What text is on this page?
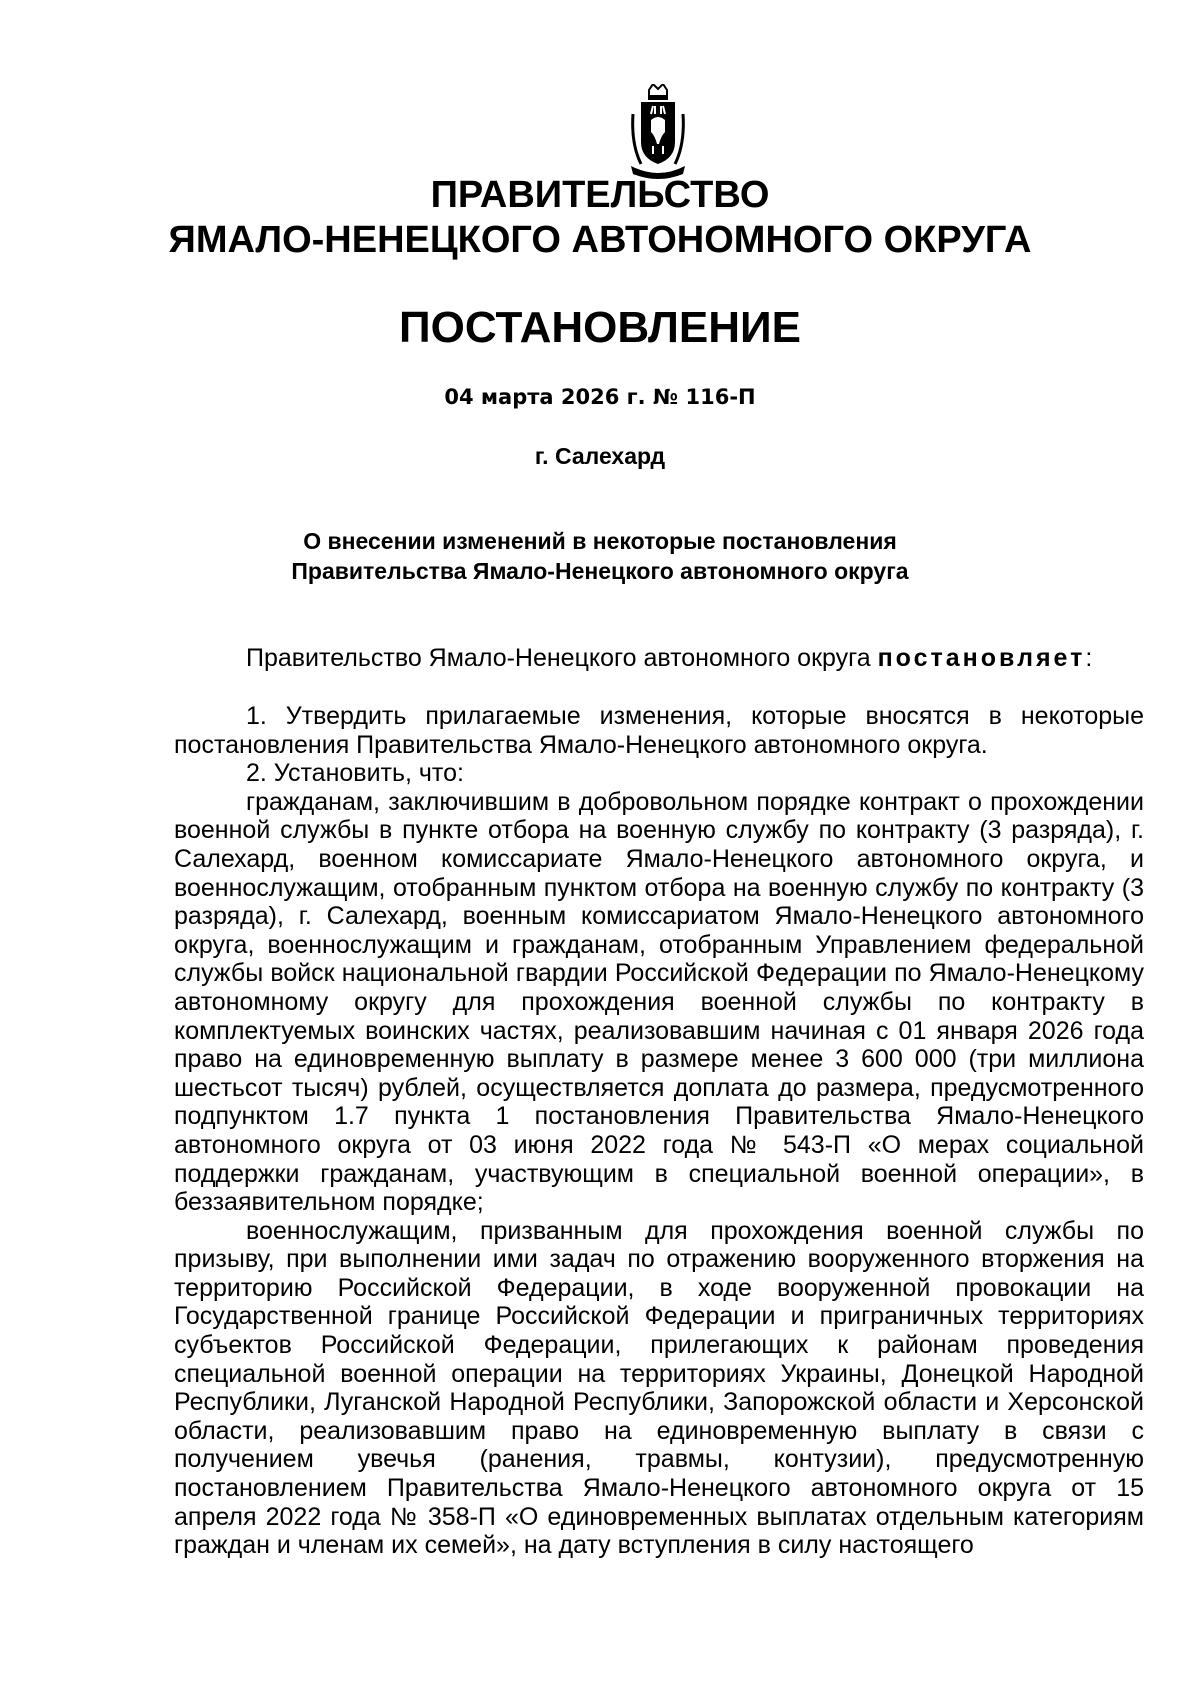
ПРАВИТЕЛЬСТВО
ЯМАЛО-НЕНЕЦКОГО АВТОНОМНОГО ОКРУГА
ПОСТАНОВЛЕНИЕ
04 марта 2026 г. № 116-П
г. Салехард
О внесении изменений в некоторые постановления
Правительства Ямало-Ненецкого автономного округа
Правительство Ямало-Ненецкого автономного округа постановляет:

1. Утвердить прилагаемые изменения, которые вносятся в некоторые постановления Правительства Ямало-Ненецкого автономного округа.

2. Установить, что:

гражданам, заключившим в добровольном порядке контракт о прохождении военной службы в пункте отбора на военную службу по контракту (3 разряда), г. Салехард, военном комиссариате Ямало-Ненецкого автономного округа, и военнослужащим, отобранным пунктом отбора на военную службу по контракту (3 разряда), г. Салехард, военным комиссариатом Ямало-Ненецкого автономного округа, военнослужащим и гражданам, отобранным Управлением федеральной службы войск национальной гвардии Российской Федерации по Ямало-Ненецкому автономному округу для прохождения военной службы по контракту в комплектуемых воинских частях, реализовавшим начиная с 01 января 2026 года право на единовременную выплату в размере менее 3 600 000 (три миллиона шестьсот тысяч) рублей, осуществляется доплата до размера, предусмотренного подпунктом 1.7 пункта 1 постановления Правительства Ямало-Ненецкого автономного округа от 03 июня 2022 года № 543-П «О мерах социальной поддержки гражданам, участвующим в специальной военной операции», в беззаявительном порядке;

военнослужащим, призванным для прохождения военной службы по призыву, при выполнении ими задач по отражению вооруженного вторжения на территорию Российской Федерации, в ходе вооруженной провокации на Государственной границе Российской Федерации и приграничных территориях субъектов Российской Федерации, прилегающих к районам проведения специальной военной операции на территориях Украины, Донецкой Народной Республики, Луганской Народной Республики, Запорожской области и Херсонской области, реализовавшим право на единовременную выплату в связи с получением увечья (ранения, травмы, контузии), предусмотренную постановлением Правительства Ямало-Ненецкого автономного округа от 15 апреля 2022 года № 358-П «О единовременных выплатах отдельным категориям граждан и членам их семей», на дату вступления в силу настоящего
